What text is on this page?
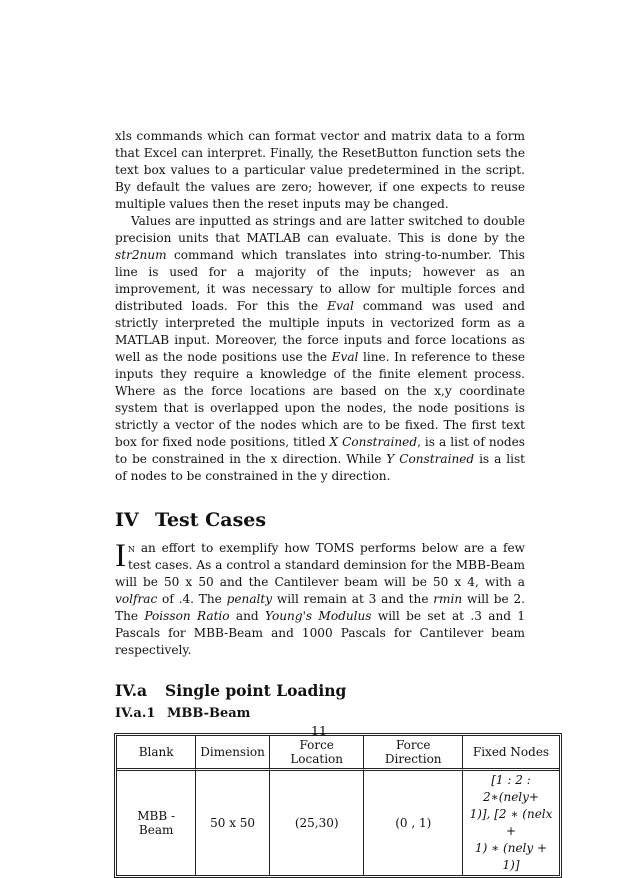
xls commands which can format vector and matrix data to a form that Excel can interpret. Finally, the ResetButton function sets the text box values to a particular value predetermined in the script. By default the values are zero; however, if one expects to reuse multiple values then the reset inputs may be changed.

Values are inputted as strings and are latter switched to double precision units that MATLAB can evaluate. This is done by the str2num command which translates into string-to-number. This line is used for a majority of the inputs; however as an improvement, it was necessary to allow for multiple forces and distributed loads. For this the Eval command was used and strictly interpreted the multiple inputs in vectorized form as a MATLAB input. Moreover, the force inputs and force locations as well as the node positions use the Eval line. In reference to these inputs they require a knowledge of the finite element process. Where as the force locations are based on the x,y coordinate system that is overlapped upon the nodes, the node positions is strictly a vector of the nodes which are to be fixed. The first text box for fixed node positions, titled X Constrained, is a list of nodes to be constrained in the x direction. While Y Constrained is a list of nodes to be constrained in the y direction.

IV Test Cases

In an effort to exemplify how TOMS performs below are a few test cases. As a control a standard deminsion for the MBB-Beam will be 50 x 50 and the Cantilever beam will be 50 x 4, with a volfrac of .4. The penalty will remain at 3 and the rmin will be 2. The Poisson Ratio and Young's Modulus will be set at .3 and 1 Pascals for MBB-Beam and 1000 Pascals for Cantilever beam respectively.

IV.a	Single point Loading
IV.a.1 MBB-Beam
Blank	Dimension	Force Location	Force Direction	Fixed Nodes
MBB - Beam	50 x 50	(25,30)	(0 , 1)	[1 : 2 : 2∗(nely+
1)], [2 ∗ (nelx +
1) ∗ (nely + 1)]
11
